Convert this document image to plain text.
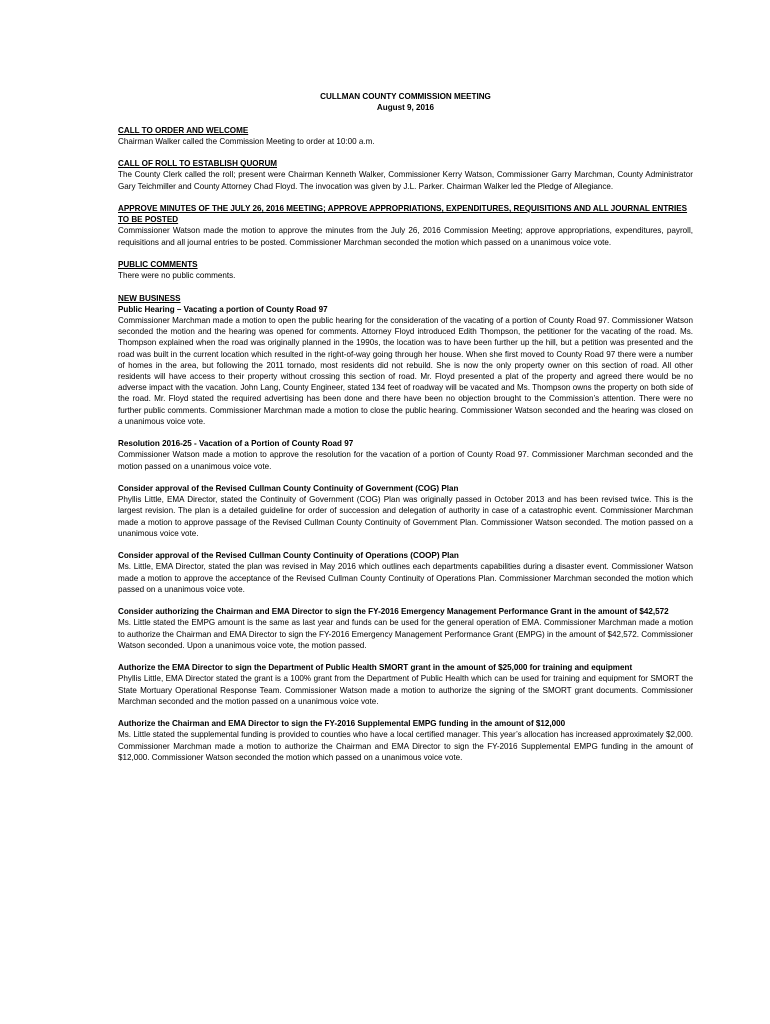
CULLMAN COUNTY COMMISSION MEETING
August 9, 2016
CALL TO ORDER AND WELCOME

Chairman Walker called the Commission Meeting to order at 10:00 a.m.

CALL OF ROLL TO ESTABLISH QUORUM

The County Clerk called the roll; present were Chairman Kenneth Walker, Commissioner Kerry Watson, Commissioner Garry Marchman, County Administrator Gary Teichmiller and County Attorney Chad Floyd. The invocation was given by J.L. Parker. Chairman Walker led the Pledge of Allegiance.

APPROVE MINUTES OF THE JULY 26, 2016 MEETING; APPROVE APPROPRIATIONS, EXPENDITURES, REQUISITIONS AND ALL JOURNAL ENTRIES TO BE POSTED

Commissioner Watson made the motion to approve the minutes from the July 26, 2016 Commission Meeting; approve appropriations, expenditures, payroll, requisitions and all journal entries to be posted. Commissioner Marchman seconded the motion which passed on a unanimous voice vote.

PUBLIC COMMENTS

There were no public comments.

NEW BUSINESS
Public Hearing – Vacating a portion of County Road 97

Commissioner Marchman made a motion to open the public hearing for the consideration of the vacating of a portion of County Road 97. Commissioner Watson seconded the motion and the hearing was opened for comments. Attorney Floyd introduced Edith Thompson, the petitioner for the vacating of the road. Ms. Thompson explained when the road was originally planned in the 1990s, the location was to have been further up the hill, but a petition was presented and the road was built in the current location which resulted in the right-of-way going through her house. When she first moved to County Road 97 there were a number of homes in the area, but following the 2011 tornado, most residents did not rebuild. She is now the only property owner on this section of road. All other residents will have access to their property without crossing this section of road. Mr. Floyd presented a plat of the property and agreed there would be no adverse impact with the vacation. John Lang, County Engineer, stated 134 feet of roadway will be vacated and Ms. Thompson owns the property on both side of the road. Mr. Floyd stated the required advertising has been done and there have been no objection brought to the Commission’s attention. There were no further public comments. Commissioner Marchman made a motion to close the public hearing. Commissioner Watson seconded and the hearing was closed on a unanimous voice vote.

Resolution 2016-25 - Vacation of a Portion of County Road 97

Commissioner Watson made a motion to approve the resolution for the vacation of a portion of County Road 97. Commissioner Marchman seconded and the motion passed on a unanimous voice vote.

Consider approval of the Revised Cullman County Continuity of Government (COG) Plan

Phyllis Little, EMA Director, stated the Continuity of Government (COG) Plan was originally passed in October 2013 and has been revised twice. This is the largest revision. The plan is a detailed guideline for order of succession and delegation of authority in case of a catastrophic event. Commissioner Marchman made a motion to approve passage of the Revised Cullman County Continuity of Government Plan. Commissioner Watson seconded. The motion passed on a unanimous voice vote.

Consider approval of the Revised Cullman County Continuity of Operations (COOP) Plan

Ms. Little, EMA Director, stated the plan was revised in May 2016 which outlines each departments capabilities during a disaster event. Commissioner Watson made a motion to approve the acceptance of the Revised Cullman County Continuity of Operations Plan. Commissioner Marchman seconded the motion which passed on a unanimous voice vote.

Consider authorizing the Chairman and EMA Director to sign the FY-2016 Emergency Management Performance Grant in the amount of $42,572

Ms. Little stated the EMPG amount is the same as last year and funds can be used for the general operation of EMA. Commissioner Marchman made a motion to authorize the Chairman and EMA Director to sign the FY-2016 Emergency Management Performance Grant (EMPG) in the amount of $42,572. Commissioner Watson seconded. Upon a unanimous voice vote, the motion passed.

Authorize the EMA Director to sign the Department of Public Health SMORT grant in the amount of $25,000 for training and equipment

Phyllis Little, EMA Director stated the grant is a 100% grant from the Department of Public Health which can be used for training and equipment for SMORT the State Mortuary Operational Response Team. Commissioner Watson made a motion to authorize the signing of the SMORT grant documents. Commissioner Marchman seconded and the motion passed on a unanimous voice vote.

Authorize the Chairman and EMA Director to sign the FY-2016 Supplemental EMPG funding in the amount of $12,000

Ms. Little stated the supplemental funding is provided to counties who have a local certified manager. This year’s allocation has increased approximately $2,000. Commissioner Marchman made a motion to authorize the Chairman and EMA Director to sign the FY-2016 Supplemental EMPG funding in the amount of $12,000. Commissioner Watson seconded the motion which passed on a unanimous voice vote.
